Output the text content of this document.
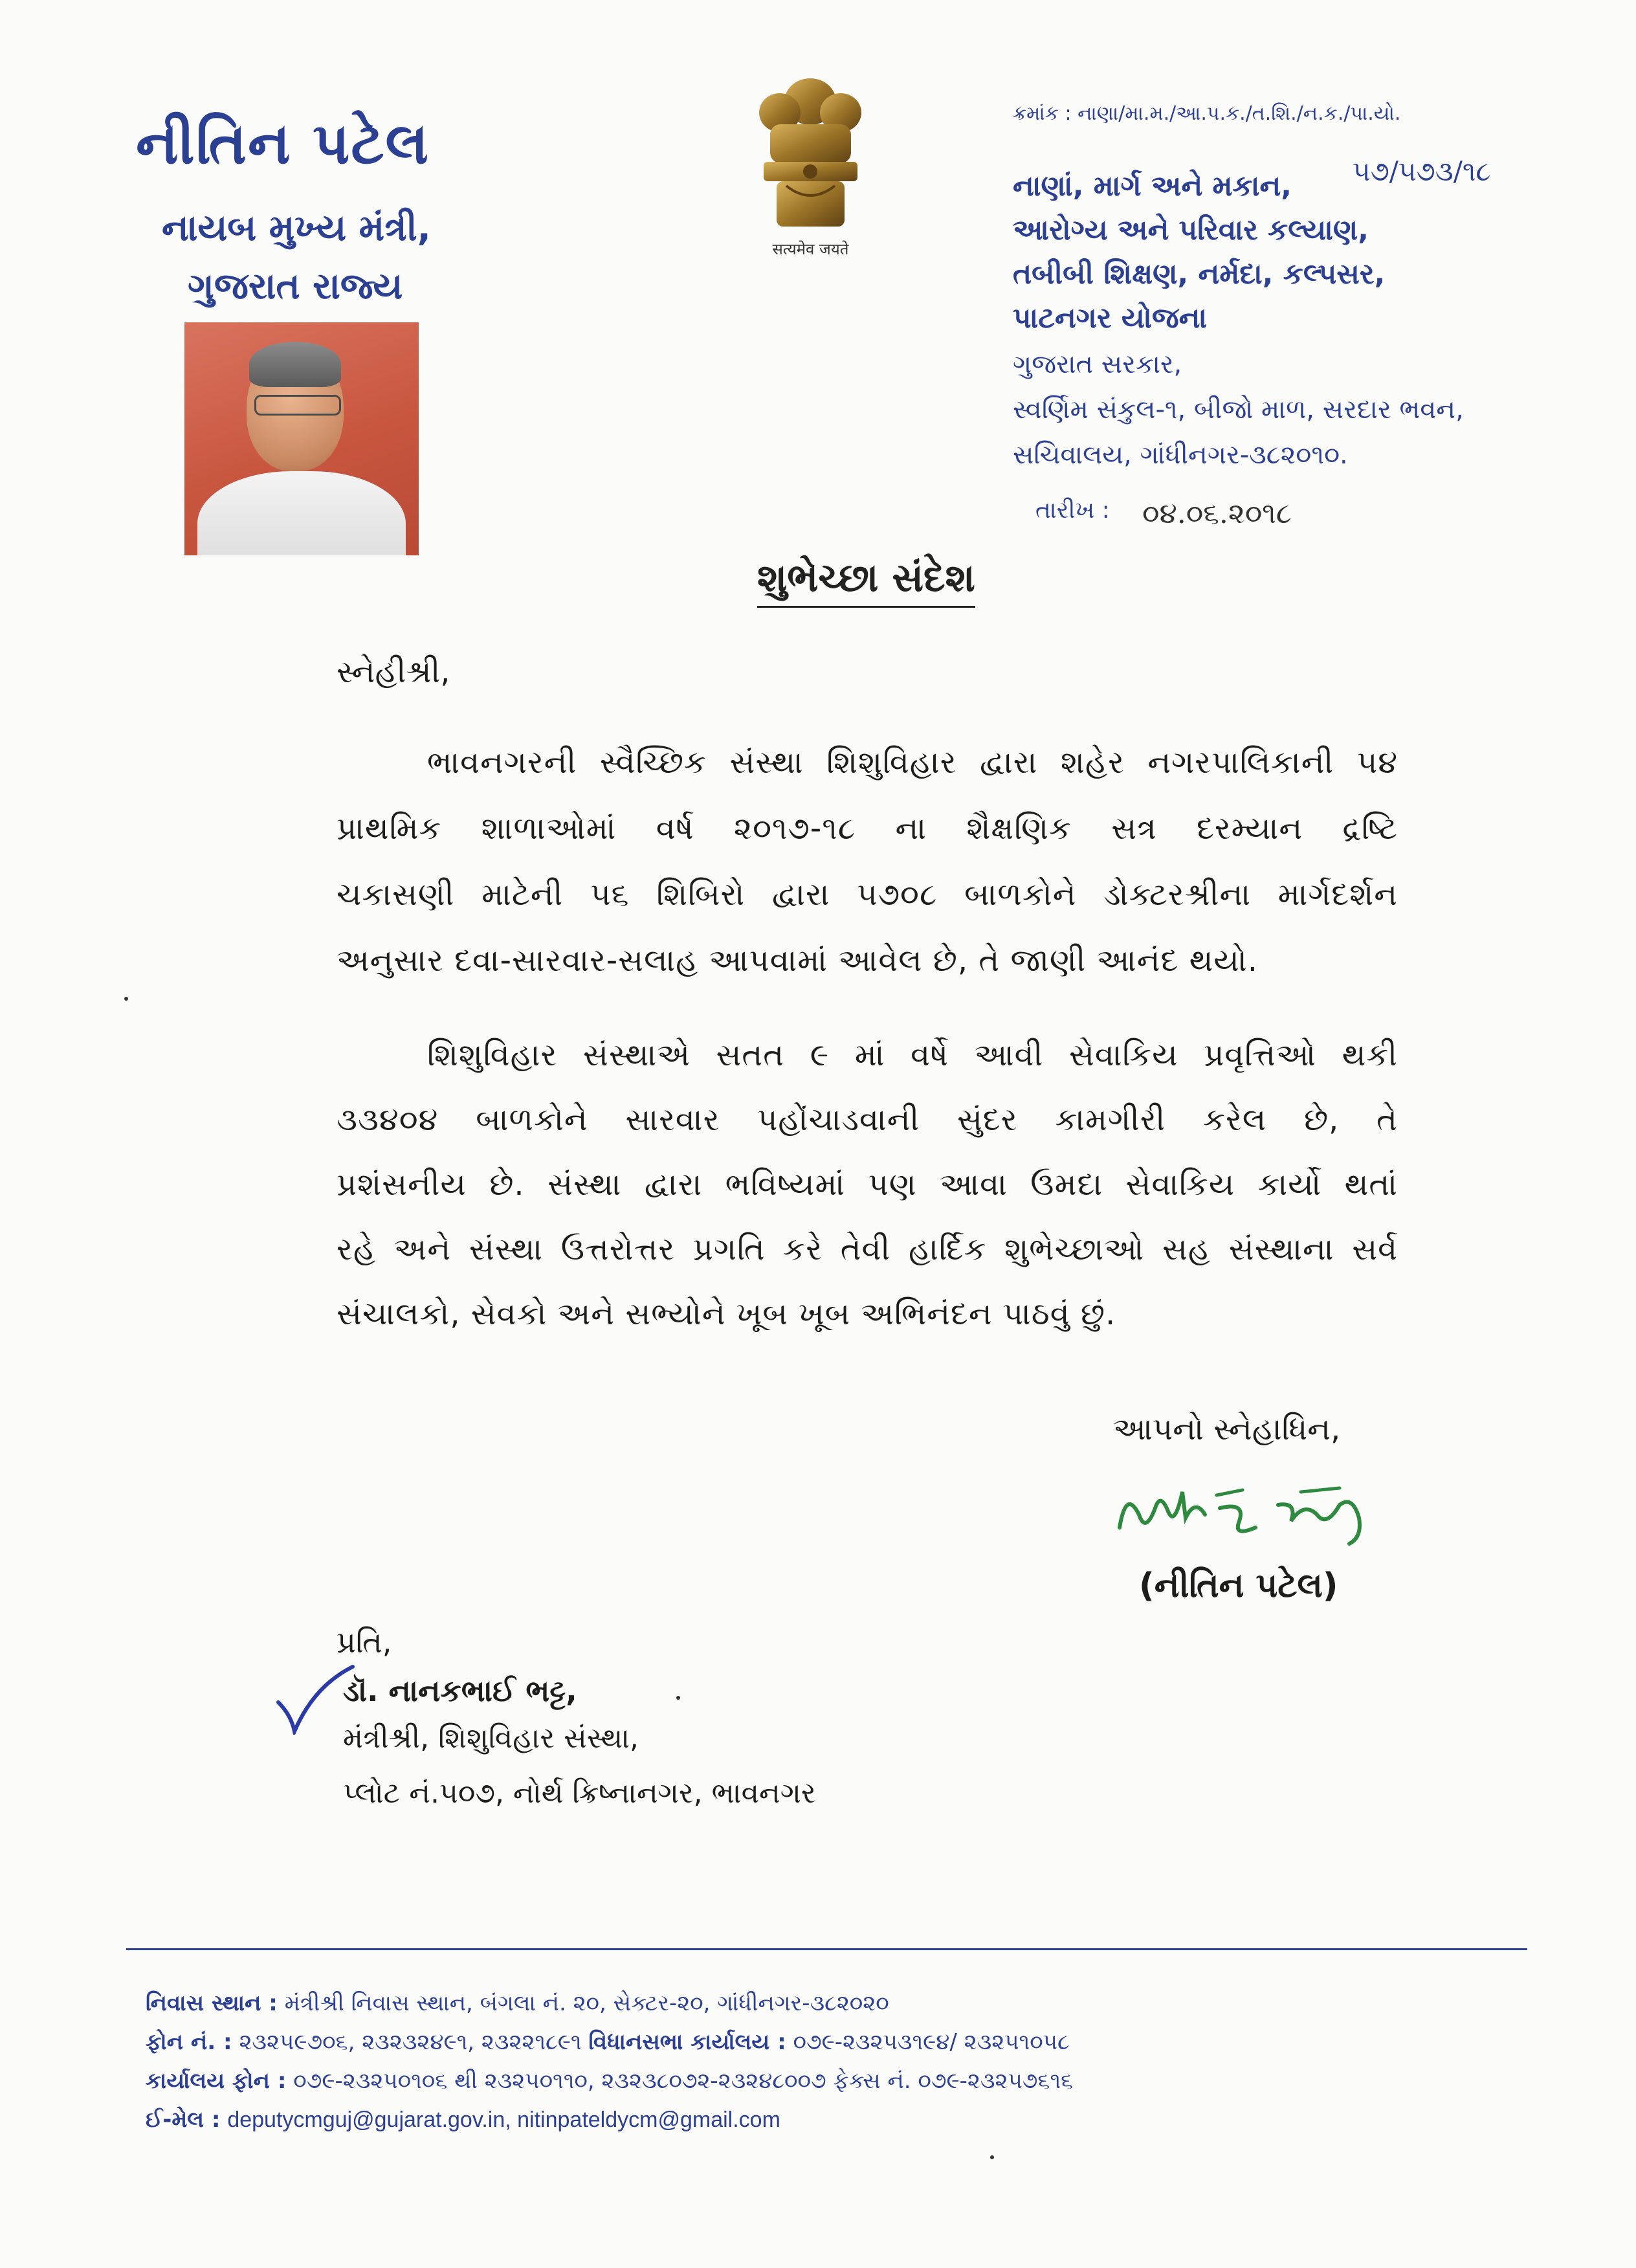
નીતિન પટેલ
નાયબ મુખ્ય મંત્રી,
ગુજરાત રાજ્ય
सत्यमेव जयते
ક્રમાંક : નાણા/મા.મ./આ.પ.ક./ત.શિ./ન.ક./પા.યો.
૫૭/૫૭૩/૧૮
નાણાં, માર્ગ અને મકાન,
આરોગ્ય અને પરિવાર કલ્યાણ,
તબીબી શિક્ષણ, નર્મદા, કલ્પસર,
પાટનગર યોજના
ગુજરાત સરકાર,
સ્વર્ણિમ સંકુલ-૧, બીજો માળ, સરદાર ભવન,
સચિવાલય, ગાંધીનગર-૩૮૨૦૧૦.
તારીખ : ૦૪.૦૬.૨૦૧૮
શુભેચ્છા સંદેશ
સ્નેહીશ્રી,
ભાવનગરની સ્વૈચ્છિક સંસ્થા શિશુવિહાર દ્વારા શહેર નગરપાલિકાની ૫૪
પ્રાથમિક શાળાઓમાં વર્ષ ૨૦૧૭-૧૮ ના શૈક્ષણિક સત્ર દરમ્યાન દ્રષ્ટિ
ચકાસણી માટેની ૫૬ શિબિરો દ્વારા ૫૭૦૮ બાળકોને ડોક્ટરશ્રીના માર્ગદર્શન
અનુસાર દવા-સારવાર-સલાહ આપવામાં આવેલ છે, તે જાણી આનંદ થયો.
શિશુવિહાર સંસ્થાએ સતત ૯ માં વર્ષે આવી સેવાકિય પ્રવૃત્તિઓ થકી
૩૩૪૦૪ બાળકોને સારવાર પહોંચાડવાની સુંદર કામગીરી કરેલ છે, તે
પ્રશંસનીય છે. સંસ્થા દ્વારા ભવિષ્યમાં પણ આવા ઉમદા સેવાકિય કાર્યો થતાં
રહે અને સંસ્થા ઉત્તરોત્તર પ્રગતિ કરે તેવી હાર્દિક શુભેચ્છાઓ સહ સંસ્થાના સર્વ
સંચાલકો, સેવકો અને સભ્યોને ખૂબ ખૂબ અભિનંદન પાઠવું છું.
આપનો સ્નેહાધિન,
(નીતિન પટેલ)
પ્રતિ,
ડૉ. નાનકભાઈ ભટ્ટ,
મંત્રીશ્રી, શિશુવિહાર સંસ્થા,
પ્લોટ નં.૫૦૭, નોર્થ ક્રિષ્નાનગર, ભાવનગર
નિવાસ સ્થાન : મંત્રીશ્રી નિવાસ સ્થાન, બંગલા નં. ૨૦, સેક્ટર-૨૦, ગાંધીનગર-૩૮૨૦૨૦
ફોન નં. : ૨૩૨૫૯૭૦૬, ૨૩૨૩૨૪૯૧, ૨૩૨૨૧૮૯૧ વિધાનસભા કાર્યાલય : ૦૭૯-૨૩૨૫૩૧૯૪/ ૨૩૨૫૧૦૫૮
કાર્યાલય ફોન : ૦૭૯-૨૩૨૫૦૧૦૬ થી ૨૩૨૫૦૧૧૦, ૨૩૨૩૮૦૭૨-૨૩૨૪૮૦૦૭ ફેક્સ નં. ૦૭૯-૨૩૨૫૭૬૧૬
ઈ-મેલ : deputycmguj@gujarat.gov.in, nitinpateldycm@gmail.com
